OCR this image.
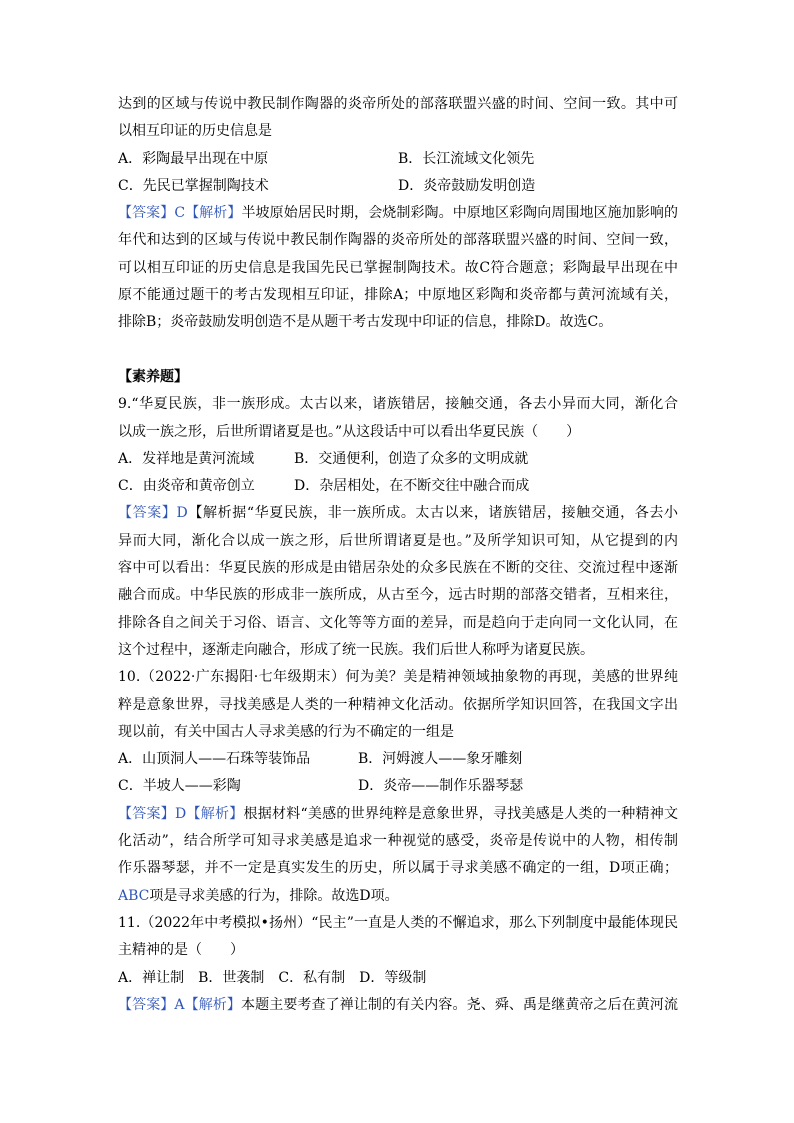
达到的区域与传说中教民制作陶器的炎帝所处的部落联盟兴盛的时间、空间一致。其中可
以相互印证的历史信息是
A．彩陶最早出现在中原	B．长江流域文化领先
C．先民已掌握制陶技术	D．炎帝鼓励发明创造
【答案】C【解析】半坡原始居民时期，会烧制彩陶。中原地区彩陶向周围地区施加影响的
年代和达到的区域与传说中教民制作陶器的炎帝所处的部落联盟兴盛的时间、空间一致，
可以相互印证的历史信息是我国先民已掌握制陶技术。故C符合题意；彩陶最早出现在中
原不能通过题干的考古发现相互印证，排除A；中原地区彩陶和炎帝都与黄河流域有关，
排除B；炎帝鼓励发明创造不是从题干考古发现中印证的信息，排除D。故选C。
【素养题】
9.“华夏民族，非一族形成。太古以来，诸族错居，接触交通，各去小异而大同，渐化合
以成一族之形，后世所谓诸夏是也。”从这段话中可以看出华夏民族（　　）
A．发祥地是黄河流域	B．交通便利，创造了众多的文明成就
C．由炎帝和黄帝创立	D．杂居相处，在不断交往中融合而成
【答案】D【解析据“华夏民族，非一族所成。太古以来，诸族错居，接触交通，各去小
异而大同，渐化合以成一族之形，后世所谓诸夏是也。”及所学知识可知，从它提到的内
容中可以看出：华夏民族的形成是由错居杂处的众多民族在不断的交往、交流过程中逐渐
融合而成。中华民族的形成非一族所成，从古至今，远古时期的部落交错者，互相来往，
排除各自之间关于习俗、语言、文化等等方面的差异，而是趋向于走向同一文化认同，在
这个过程中，逐渐走向融合，形成了统一民族。我们后世人称呼为诸夏民族。
10.（2022·广东揭阳·七年级期末）何为美？美是精神领域抽象物的再现，美感的世界纯
粹是意象世界，寻找美感是人类的一种精神文化活动。依据所学知识回答，在我国文字出
现以前，有关中国古人寻求美感的行为不确定的一组是
A．山顶洞人——石珠等装饰品	B．河姆渡人——象牙雕刻
C．半坡人——彩陶	D．炎帝——制作乐器琴瑟
【答案】D【解析】根据材料“美感的世界纯粹是意象世界，寻找美感是人类的一种精神文
化活动”，结合所学可知寻求美感是追求一种视觉的感受，炎帝是传说中的人物，相传制
作乐器琴瑟，并不一定是真实发生的历史，所以属于寻求美感不确定的一组，D项正确；
ABC项是寻求美感的行为，排除。故选D项。
11.（2022年中考模拟•扬州）“民主”一直是人类的不懈追求，那么下列制度中最能体现民
主精神的是（　　）
A．禅让制　B．世袭制　C．私有制　D．等级制
【答案】A【解析】本题主要考查了禅让制的有关内容。尧、舜、禹是继黄帝之后在黄河流
